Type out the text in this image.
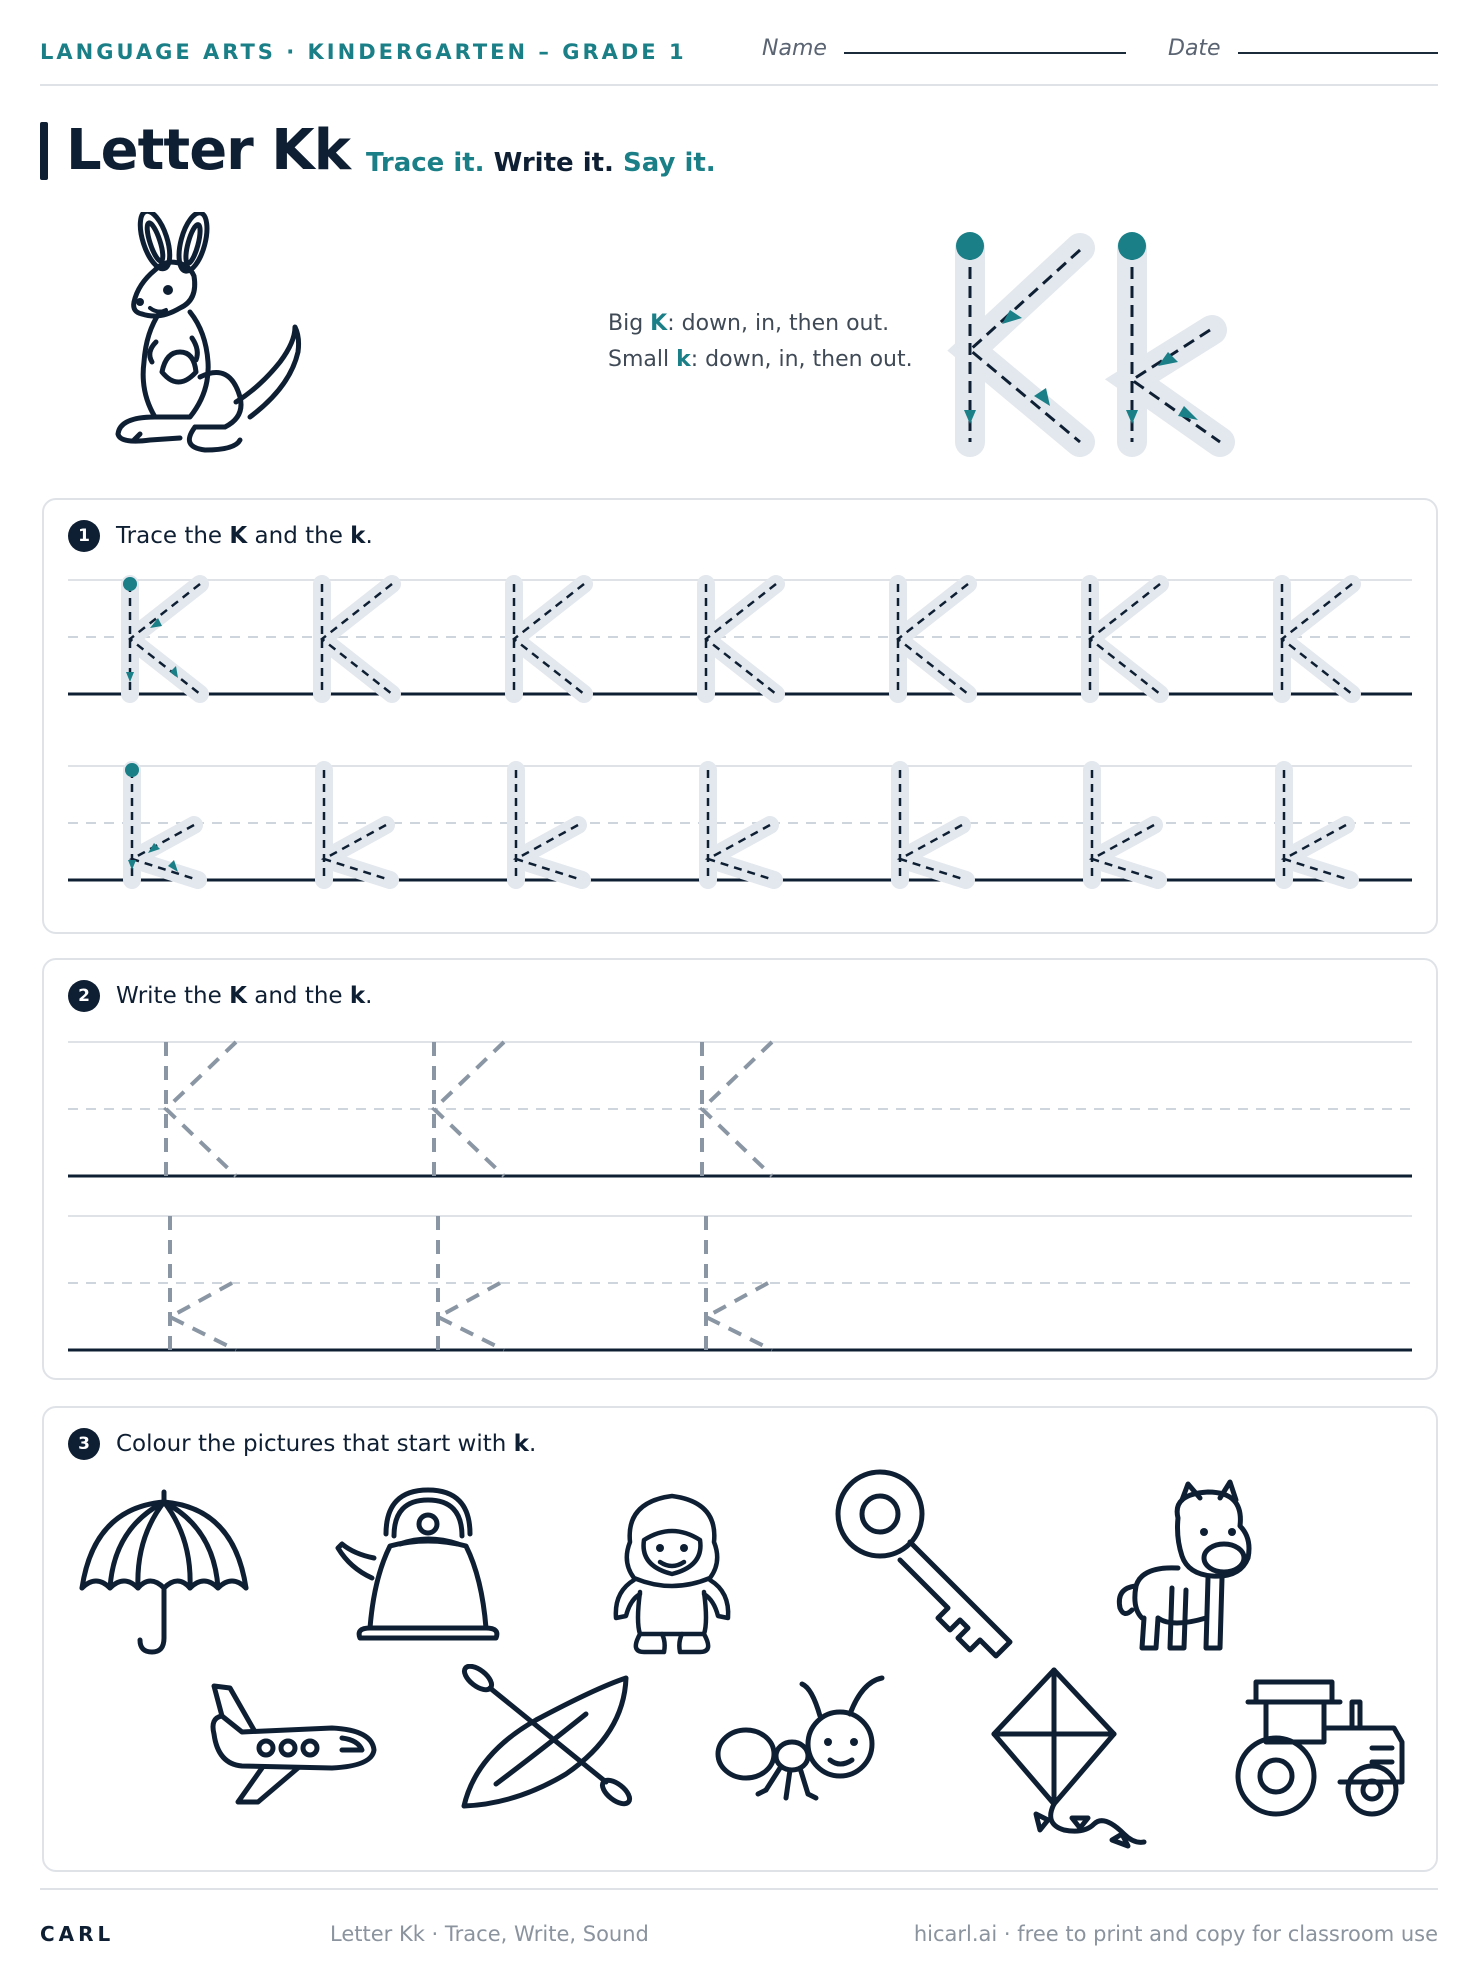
LANGUAGE ARTS · KINDERGARTEN – GRADE 1	Name	Date
Letter Kk Trace it. Write it. Say it.
Big K: down, in, then out.
Small k: down, in, then out.
1	Trace the K and the k.
2	Write the K and the k.
3	Colour the pictures that start with k.
CARL	Letter Kk · Trace, Write, Sound	hicarl.ai · free to print and copy for classroom use
